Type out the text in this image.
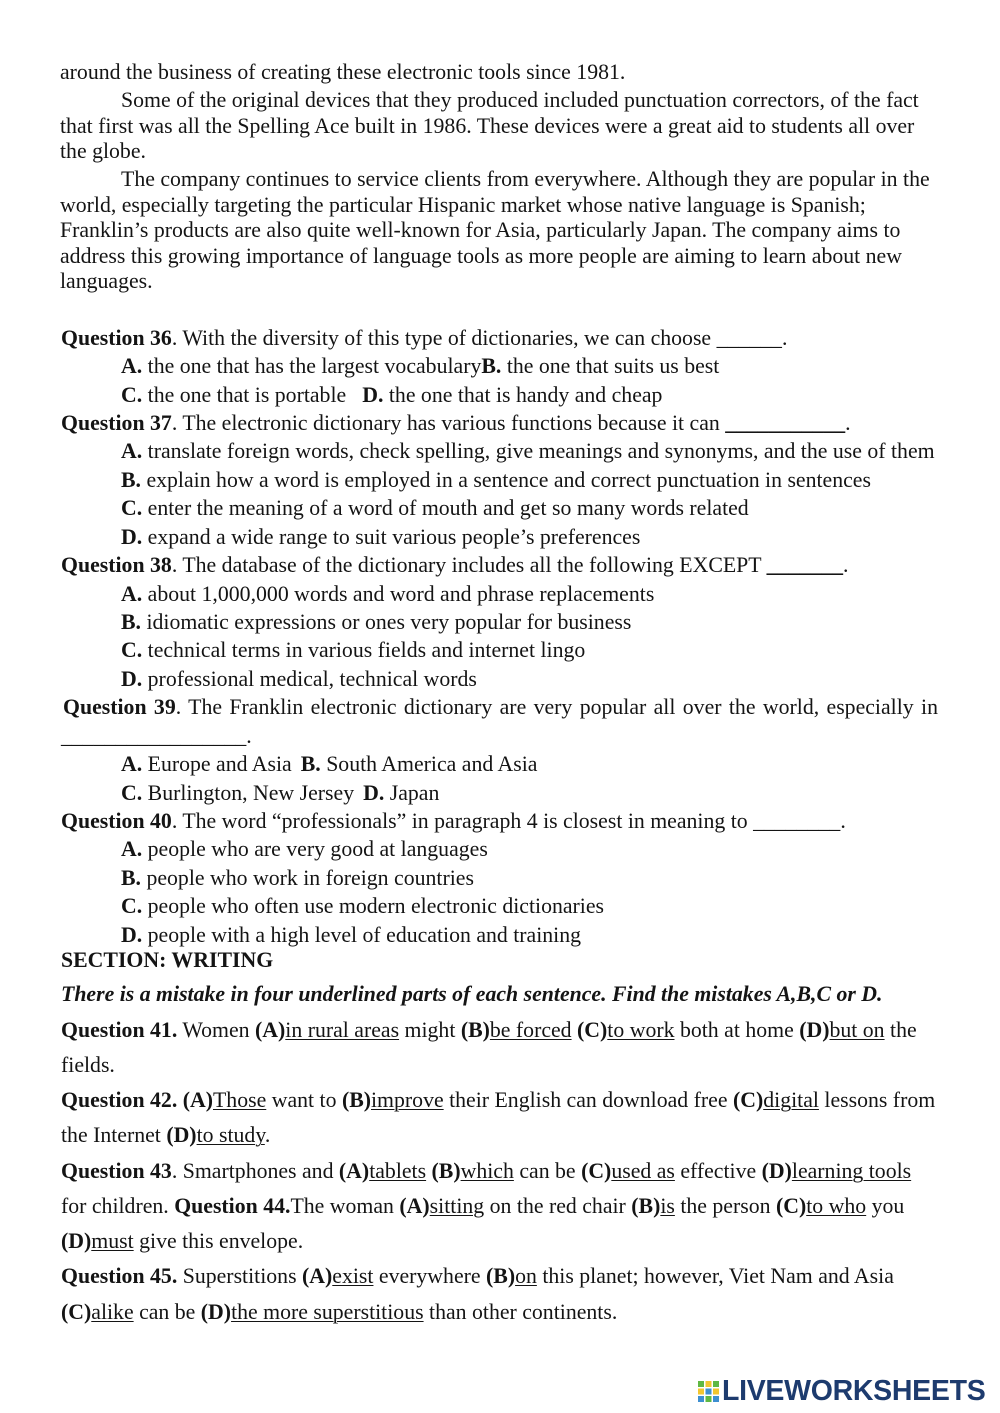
around the business of creating these electronic tools since 1981.
Some of the original devices that they produced included punctuation correctors, of the fact
that first was all the Spelling Ace built in 1986. These devices were a great aid to students all over
the globe.
The company continues to service clients from everywhere. Although they are popular in the
world, especially targeting the particular Hispanic market whose native language is Spanish;
Franklin’s products are also quite well-known for Asia, particularly Japan. The company aims to
address this growing importance of language tools as more people are aiming to learn about new
languages.
Question 36. With the diversity of this type of dictionaries, we can choose ______.
A. the one that has the largest vocabularyB. the one that suits us best
C. the one that is portable D. the one that is handy and cheap
Question 37. The electronic dictionary has various functions because it can ___________.
A. translate foreign words, check spelling, give meanings and synonyms, and the use of them
B. explain how a word is employed in a sentence and correct punctuation in sentences
C. enter the meaning of a word of mouth and get so many words related
D. expand a wide range to suit various people’s preferences
Question 38. The database of the dictionary includes all the following EXCEPT _______.
A. about 1,000,000 words and word and phrase replacements
B. idiomatic expressions or ones very popular for business
C. technical terms in various fields and internet lingo
D. professional medical, technical words
Question 39. The Franklin electronic dictionary are very popular all over the world, especially in
_________________.
A. Europe and Asia B. South America and Asia
C. Burlington, New Jersey D. Japan
Question 40. The word “professionals” in paragraph 4 is closest in meaning to ________.
A. people who are very good at languages
B. people who work in foreign countries
C. people who often use modern electronic dictionaries
D. people with a high level of education and training
SECTION: WRITING
There is a mistake in four underlined parts of each sentence. Find the mistakes A,B,C or D.
Question 41. Women (A)in rural areas might (B)be forced (C)to work both at home (D)but on the
fields.
Question 42. (A)Those want to (B)improve their English can download free (C)digital lessons from
the Internet (D)to study.
Question 43. Smartphones and (A)tablets (B)which can be (C)used as effective (D)learning tools
for children. Question 44.The woman (A)sitting on the red chair (B)is the person (C)to who you
(D)must give this envelope.
Question 45. Superstitions (A)exist everywhere (B)on this planet; however, Viet Nam and Asia
(C)alike can be (D)the more superstitious than other continents.
LIVEWORKSHEETS
